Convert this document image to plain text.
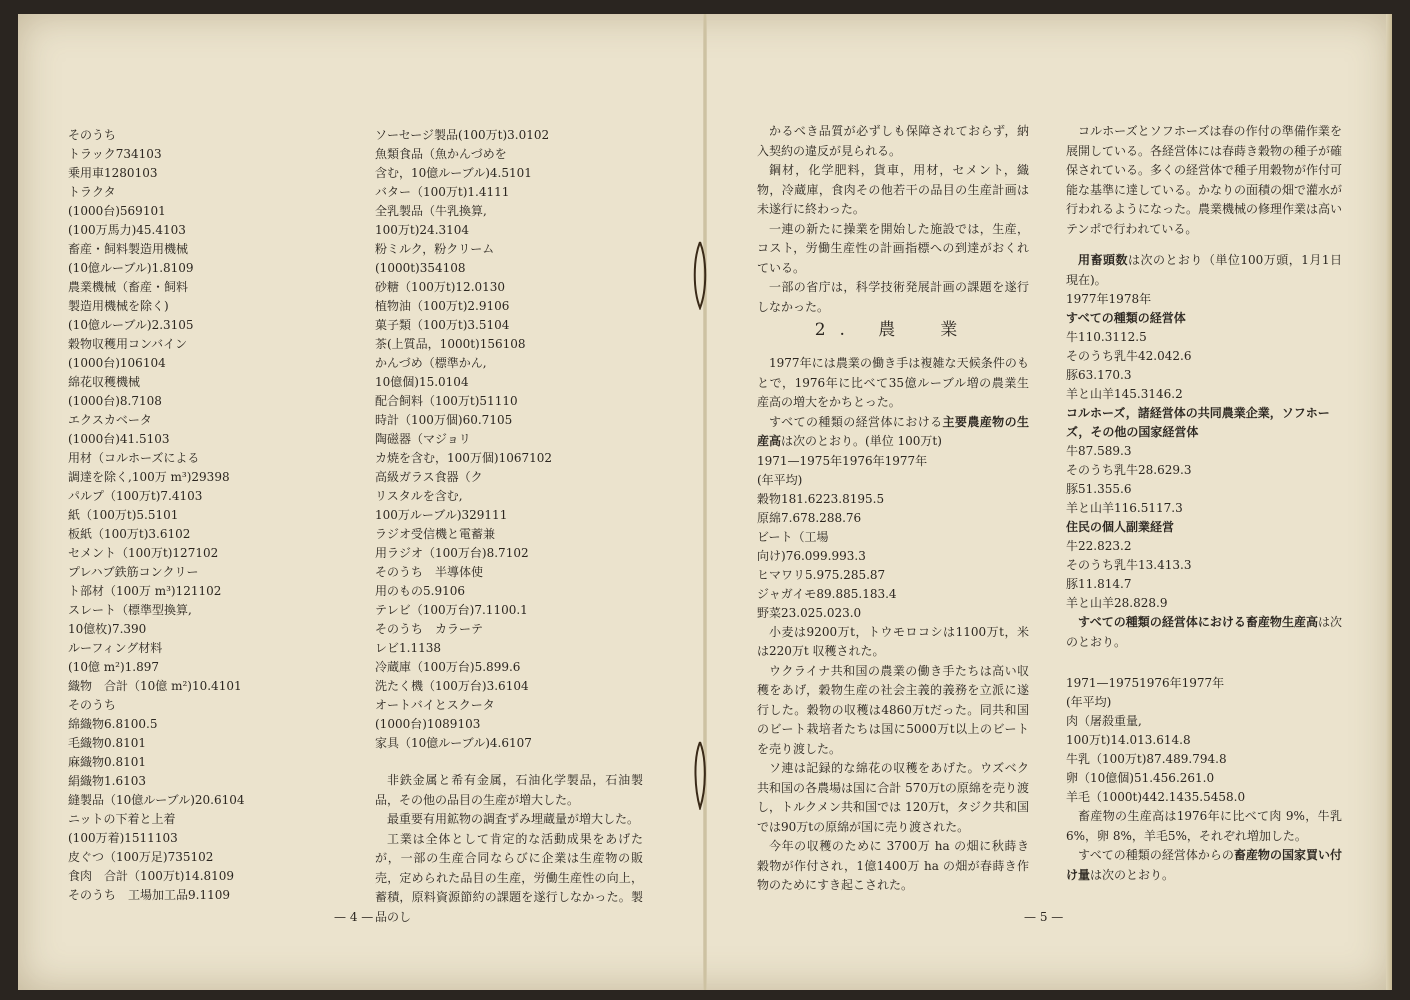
そのうち
トラック734103
乗用車1280103
トラクタ
(1000台)569101
(100万馬力)45.4103
畜産・飼料製造用機械
(10億ルーブル)1.8109
農業機械（畜産・飼料
製造用機械を除く)
(10億ルーブル)2.3105
穀物収穫用コンバイン
(1000台)106104
綿花収穫機械
(1000台)8.7108
エクスカベータ
(1000台)41.5103
用材（コルホーズによる
調達を除く,100万 m³)29398
パルプ（100万t)7.4103
紙（100万t)5.5101
板紙（100万t)3.6102
セメント（100万t)127102
プレハブ鉄筋コンクリー
ト部材（100万 m³)121102
スレート（標準型換算,
10億枚)7.390
ルーフィング材料
(10億 m²)1.897
織物　合計（10億 m²)10.4101
そのうち
綿織物6.8100.5
毛織物0.8101
麻織物0.8101
絹織物1.6103
縫製品（10億ルーブル)20.6104
ニットの下着と上着
(100万着)1511103
皮ぐつ（100万足)735102
食肉　合計（100万t)14.8109
そのうち　工場加工品9.1109
ソーセージ製品(100万t)3.0102
魚類食品（魚かんづめを
含む，10億ルーブル)4.5101
バター（100万t)1.4111
全乳製品（牛乳換算,
100万t)24.3104
粉ミルク，粉クリーム
(1000t)354108
砂糖（100万t)12.0130
植物油（100万t)2.9106
菓子類（100万t)3.5104
茶(上質品，1000t)156108
かんづめ（標準かん,
10億個)15.0104
配合飼料（100万t)51110
時計（100万個)60.7105
陶磁器（マジョリ
カ焼を含む，100万個)1067102
高級ガラス食器（ク
リスタルを含む,
100万ルーブル)329111
ラジオ受信機と電蓄兼
用ラジオ（100万台)8.7102
そのうち　半導体使
用のもの5.9106
テレビ（100万台)7.1100.1
そのうち　カラーテ
レビ1.1138
冷蔵庫（100万台)5.899.6
洗たく機（100万台)3.6104
オートバイとスクータ
(1000台)1089103
家具（10億ルーブル)4.6107
非鉄金属と希有金属，石油化学製品，石油製品，その他の品目の生産が増大した。
最重要有用鉱物の調査ずみ埋蔵量が増大した。
工業は全体として肯定的な活動成果をあげたが，一部の生産合同ならびに企業は生産物の販売，定められた品目の生産，労働生産性の向上，蓄積，原料資源節約の課題を遂行しなかった。製品のし
— 4 —
かるべき品質が必ずしも保障されておらず，納入契約の違反が見られる。
鋼材，化学肥料，貨車，用材，セメント，織物，冷蔵庫，食肉その他若干の品目の生産計画は未遂行に終わった。
一連の新たに操業を開始した施設では，生産，コスト，労働生産性の計画指標への到達がおくれている。
一部の省庁は，科学技術発展計画の課題を遂行しなかった。
2. 農　業
1977年には農業の働き手は複雑な天候条件のもとで，1976年に比べて35億ルーブル増の農業生産高の増大をかちとった。
すべての種類の経営体における主要農産物の生産高は次のとおり。(単位 100万t)
1971—1975年1976年1977年
(年平均)
穀物181.6223.8195.5
原綿7.678.288.76
ビート（工場
向け)76.099.993.3
ヒマワリ5.975.285.87
ジャガイモ89.885.183.4
野菜23.025.023.0
小麦は9200万t，トウモロコシは1100万t，米は220万t 収穫された。
ウクライナ共和国の農業の働き手たちは高い収穫をあげ，穀物生産の社会主義的義務を立派に遂行した。穀物の収穫は4860万tだった。同共和国のビート栽培者たちは国に5000万t以上のビートを売り渡した。
ソ連は記録的な綿花の収穫をあげた。ウズベク共和国の各農場は国に合計 570万tの原綿を売り渡し，トルクメン共和国では 120万t，タジク共和国では90万tの原綿が国に売り渡された。
今年の収穫のために 3700万 ha の畑に秋蒔き穀物が作付され，1億1400万 ha の畑が春蒔き作物のためにすき起こされた。
コルホーズとソフホーズは春の作付の準備作業を展開している。各経営体には春蒔き穀物の種子が確保されている。多くの経営体で種子用穀物が作付可能な基準に達している。かなりの面積の畑で灌水が行われるようになった。農業機械の修理作業は高いテンポで行われている。
用畜頭数は次のとおり（単位100万頭，1月1日現在)。
1977年1978年
すべての種類の経営体
牛110.3112.5
そのうち乳牛42.042.6
豚63.170.3
羊と山羊145.3146.2
コルホーズ，諸経営体の共同農業企業，ソフホーズ，その他の国家経営体
牛87.589.3
そのうち乳牛28.629.3
豚51.355.6
羊と山羊116.5117.3
住民の個人副業経営
牛22.823.2
そのうち乳牛13.413.3
豚11.814.7
羊と山羊28.828.9
すべての種類の経営体における畜産物生産高は次のとおり。
1971—19751976年1977年
(年平均)
肉（屠殺重量,
100万t)14.013.614.8
牛乳（100万t)87.489.794.8
卵（10億個)51.456.261.0
羊毛（1000t)442.1435.5458.0
畜産物の生産高は1976年に比べて肉 9%，牛乳 6%，卵 8%，羊毛5%，それぞれ増加した。
すべての種類の経営体からの畜産物の国家買い付け量は次のとおり。
— 5 —
